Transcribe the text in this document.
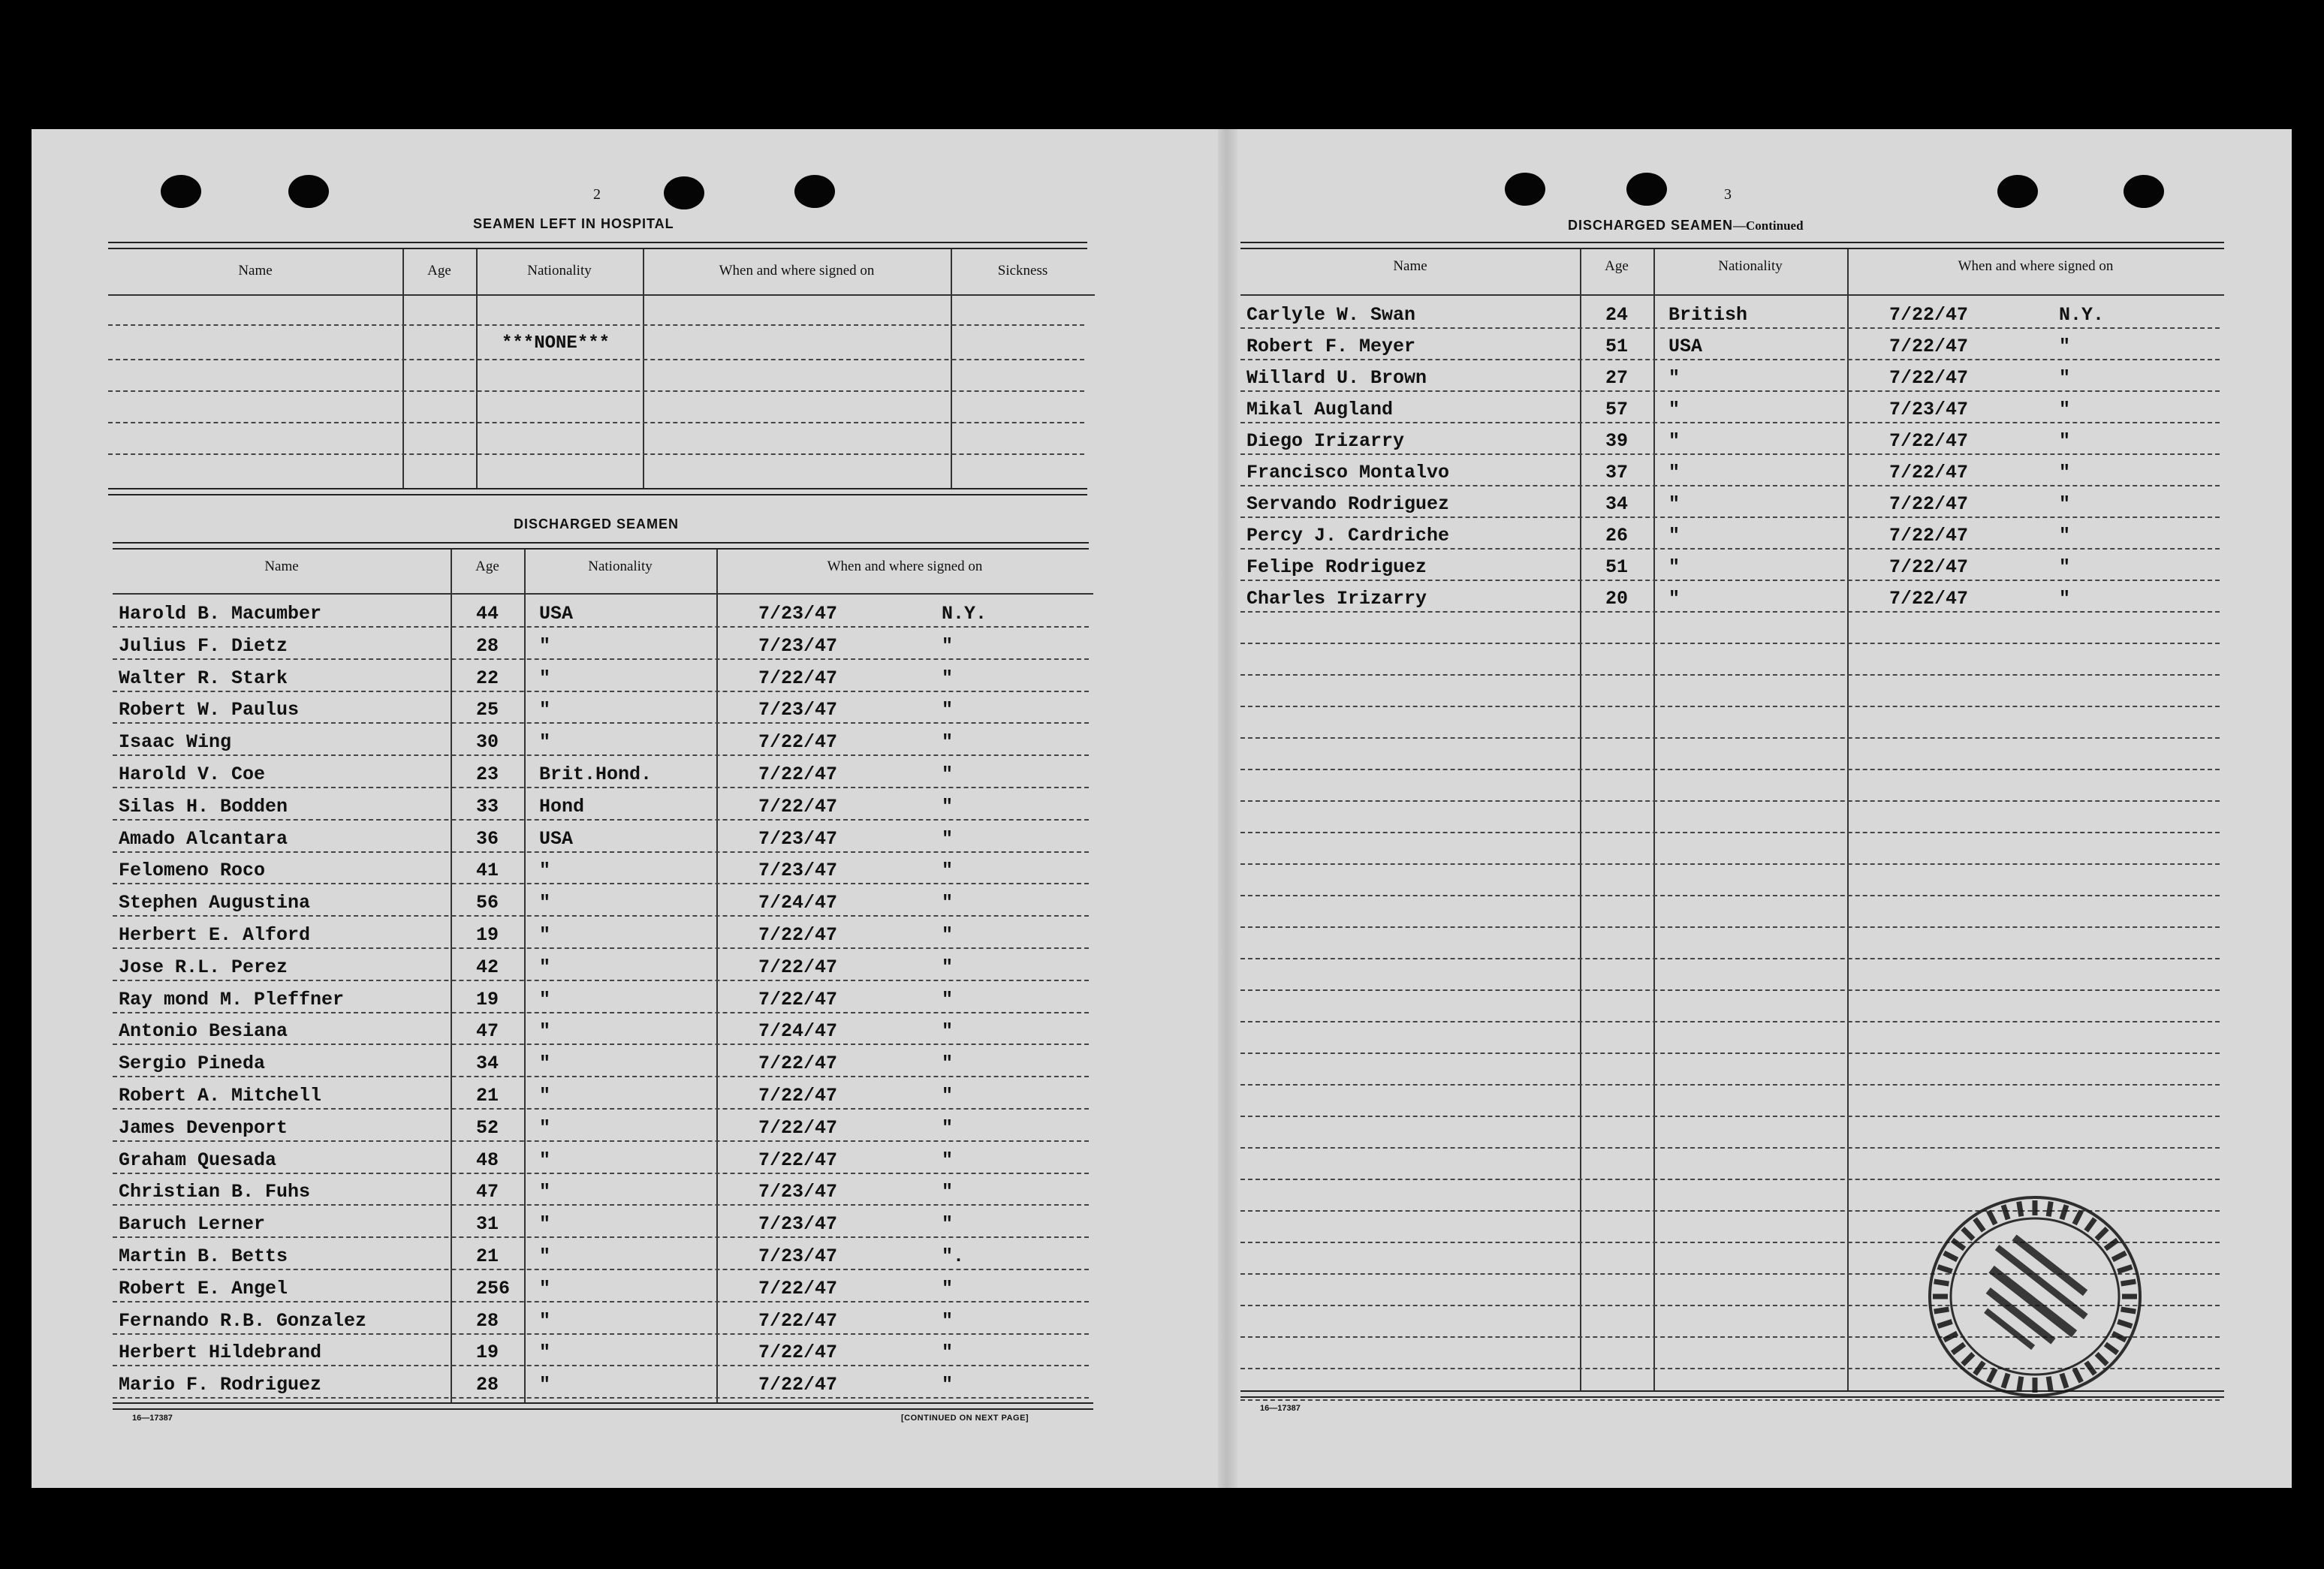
2
SEAMEN LEFT IN HOSPITAL
Name	Age	Nationality	When and where signed on	Sickness
***NONE***
DISCHARGED SEAMEN
Name	Age	Nationality	When and where signed on
Harold B. Macumber	44 USA	7/23/47	N.Y.
Julius F. Dietz	28 "	7/23/47	"
Walter R. Stark	22 "	7/22/47	"
Robert W. Paulus	25 "	7/23/47	"
Isaac Wing	30 "	7/22/47	"
Harold V. Coe	23 Brit.Hond.	7/22/47	"
Silas H. Bodden	33 Hond	7/22/47	"
Amado Alcantara	36 USA	7/23/47	"
Felomeno Roco	41 "	7/23/47	"
Stephen Augustina	56 "	7/24/47	"
Herbert E. Alford	19 "	7/22/47	"
Jose R.L. Perez	42 "	7/22/47	"
Ray mond M. Pleffner	19 "	7/22/47	"
Antonio Besiana	47 "	7/24/47	"
Sergio Pineda	34 "	7/22/47	"
Robert A. Mitchell	21 "	7/22/47	"
James Devenport	52 "	7/22/47	"
Graham Quesada	48 "	7/22/47	"
Christian B. Fuhs	47 "	7/23/47	"
Baruch Lerner	31 "	7/23/47	"
Martin B. Betts	21 "	7/23/47	".
Robert E. Angel	256 "	7/22/47	"
Fernando R.B. Gonzalez	28 "	7/22/47	"
Herbert Hildebrand	19 "	7/22/47	"
Mario F. Rodriguez	28 "	7/22/47	"
16—17387	[CONTINUED ON NEXT PAGE]
3
DISCHARGED SEAMEN—Continued
Name	Age	Nationality	When and where signed on
Carlyle W. Swan	24 British	7/22/47	N.Y.
Robert F. Meyer	51 USA	7/22/47	"
Willard U. Brown	27 "	7/22/47	"
Mikal Augland	57 "	7/23/47	"
Diego Irizarry	39 "	7/22/47	"
Francisco Montalvo	37 "	7/22/47	"
Servando Rodriguez	34 "	7/22/47	"
Percy J. Cardriche	26 "	7/22/47	"
Felipe Rodriguez	51 "	7/22/47	"
Charles Irizarry	20 "	7/22/47	"
16—17387
